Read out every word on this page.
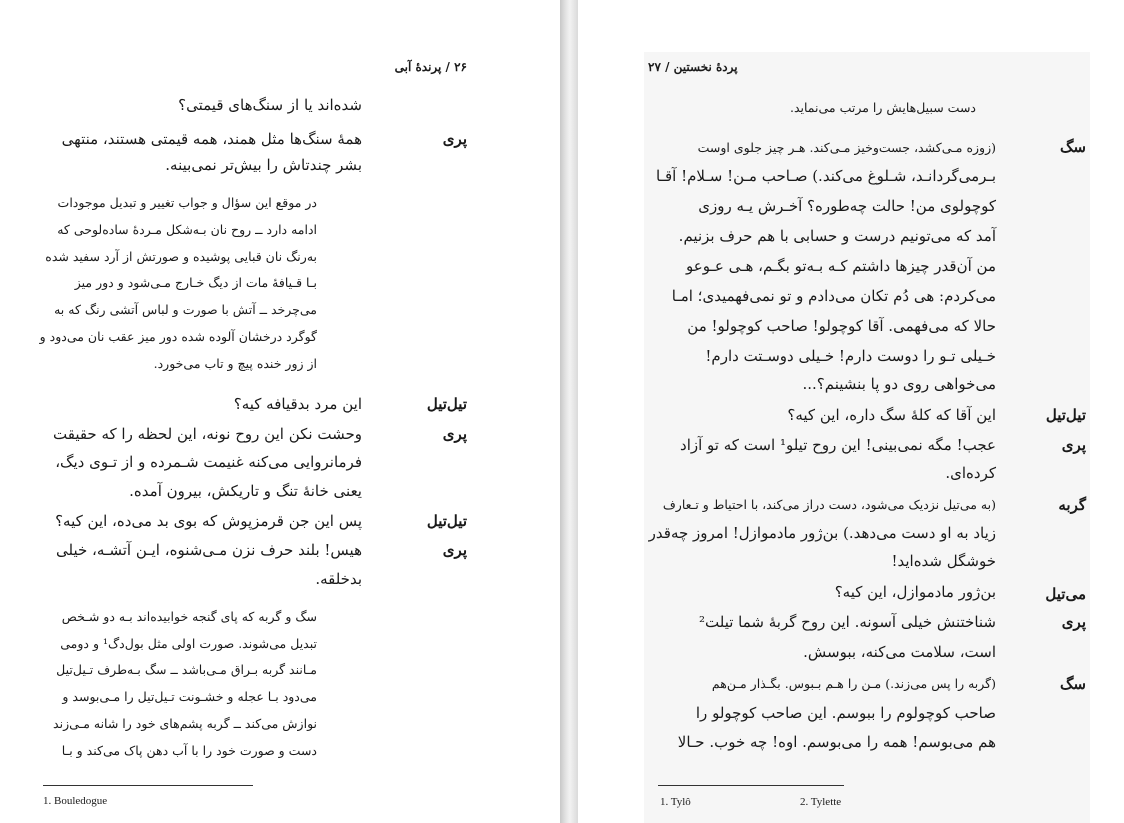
۲۶ / پرندهٔ آبی
شده‌اند یا از سنگ‌های قیمتی؟
پری
همهٔ سنگ‌ها مثل همند، همه قیمتی هستند، منتهی
بشر چندتاش را بیش‌تر نمی‌بینه.
در موقع این سؤال و جواب تغییر و تبدیل موجودات
ادامه دارد ــ روح نان بـه‌شکل مـردهٔ ساده‌لوحی که
به‌رنگ نان قبایی پوشیده و صورتش از آرد سفید شده
بـا قـیافهٔ مات از دیگ خـارج مـی‌شود و دور میز
می‌چرخد ــ آتش با صورت و لباس آتشی رنگ که به
گوگرد درخشان آلوده شده دور میز عقب نان می‌دود و
از زور خنده پیچ و تاب می‌خورد.
تیل‌تیل
این مرد بدقیافه کیه؟
پری
وحشت نکن این روح نونه، این لحظه را که حقیقت
فرمانروایی می‌کنه غنیمت شـمرده و از تـوی دیگ،
یعنی خانهٔ تنگ و تاریکش، بیرون آمده.
تیل‌تیل
پس این جن قرمزپوش که بوی بد می‌ده، این کیه؟
پری
هیس! بلند حرف نزن مـی‌شنوه، ایـن آتشـه، خیلی
بدخلقه.
سگ و گربه که پای گنجه خوابیده‌اند بـه دو شـخص
تبدیل می‌شوند. صورت اولی مثل بول‌دگ¹ و دومی
مـانند گربه بـراق مـی‌باشد ــ سگ بـه‌طرف تـیل‌تیل
می‌دود بـا عجله و خشـونت تـیل‌تیل را مـی‌بوسد و
نوازش می‌کند ــ گربه پشم‌های خود را شانه مـی‌زند
دست و صورت خود را با آب دهن پاک می‌کند و بـا
1. Bouledogue
پردهٔ نخستین / ۲۷
دست سبیل‌هایش را مرتب می‌نماید.
سگ
(زوزه مـی‌کشد، جست‌وخیز مـی‌کند. هـر چیز جلوی اوست
بـرمی‌گردانـد، شـلوغ می‌کند.) صـاحب مـن! سـلام! آقـا
کوچولوی من! حالت چه‌طوره؟ آخـرش یـه روزی
آمد که می‌تونیم درست و حسابی با هم حرف بزنیم.
من آن‌قدر چیزها داشتم کـه بـه‌تو بگـم، هـی عـوعو
می‌کردم: هی دُم تکان می‌دادم و تو نمی‌فهمیدی؛ امـا
حالا که می‌فهمی. آقا کوچولو! صاحب کوچولو! من
خـیلی تـو را دوست دارم! خـیلی دوسـتت دارم!
می‌خواهی روی دو پا بنشینم؟...
تیل‌تیل
این آقا که کلهٔ سگ داره، این کیه؟
پری
عجب! مگه نمی‌بینی! این روح تیلو¹ است که تو آزاد
کرده‌ای.
گربه
(به می‌تیل نزدیک می‌شود، دست دراز می‌کند، با احتیاط و تـعارف
زیاد به او دست می‌دهد.) بن‌ژور مادموازل! امروز چه‌قدر
خوشگل شده‌اید!
می‌تیل
بن‌ژور مادموازل، این کیه؟
پری
شناختنش خیلی آسونه. این روح گربهٔ شما تیلت²
است، سلامت می‌کنه، ببوسش.
سگ
(گربه را پس می‌زند.) مـن را هـم بـبوس. بگـذار مـن‌هم
صاحب کوچولوم را ببوسم. این صاحب کوچولو را
هم می‌بوسم! همه را می‌بوسم. اوه! چه خوب. حـالا
1. Tylô	2. Tylette
